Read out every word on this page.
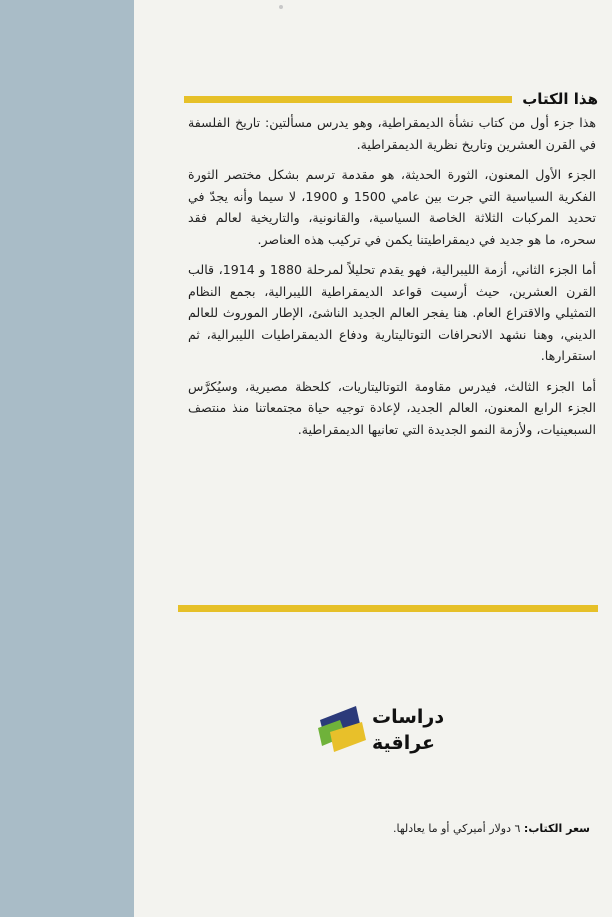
هذا الكتاب

هذا جزء أول من كتاب نشأة الديمقراطية، وهو يدرس مسألتين: تاريخ الفلسفة في القرن العشرين وتاريخ نظرية الديمقراطية.

الجزء الأول المعنون، الثورة الحديثة، هو مقدمة ترسم بشكل مختصر الثورة الفكرية السياسية التي جرت بين عامي 1500 و 1900، لا سيما وأنه يجدّ في تحديد المركبات الثلاثة الخاصة السياسية، والقانونية، والتاريخية لعالم فقد سحره، ما هو جديد في ديمقراطيتنا يكمن في تركيب هذه العناصر.

أما الجزء الثاني، أزمة الليبرالية، فهو يقدم تحليلاً لمرحلة 1880 و 1914، قالب القرن العشرين، حيث أرسيت قواعد الديمقراطية الليبرالية، بجمع النظام التمثيلي والاقتراع العام. هنا يفجر العالم الجديد الناشئ، الإطار الموروث للعالم الديني، وهنا نشهد الانحرافات التوتاليتارية ودفاع الديمقراطيات الليبرالية، ثم استقرارها.

أما الجزء الثالث، فيدرس مقاومة التوتاليتاريات، كلحظة مصيرية، وسيُكرَّس الجزء الرابع المعنون، العالم الجديد، لإعادة توجيه حياة مجتمعاتنا منذ منتصف السبعينيات، ولأزمة النمو الجديدة التي تعانيها الديمقراطية.

دراسات
عراقية
سعر الكتاب: ٦ دولار أميركي أو ما يعادلها.
